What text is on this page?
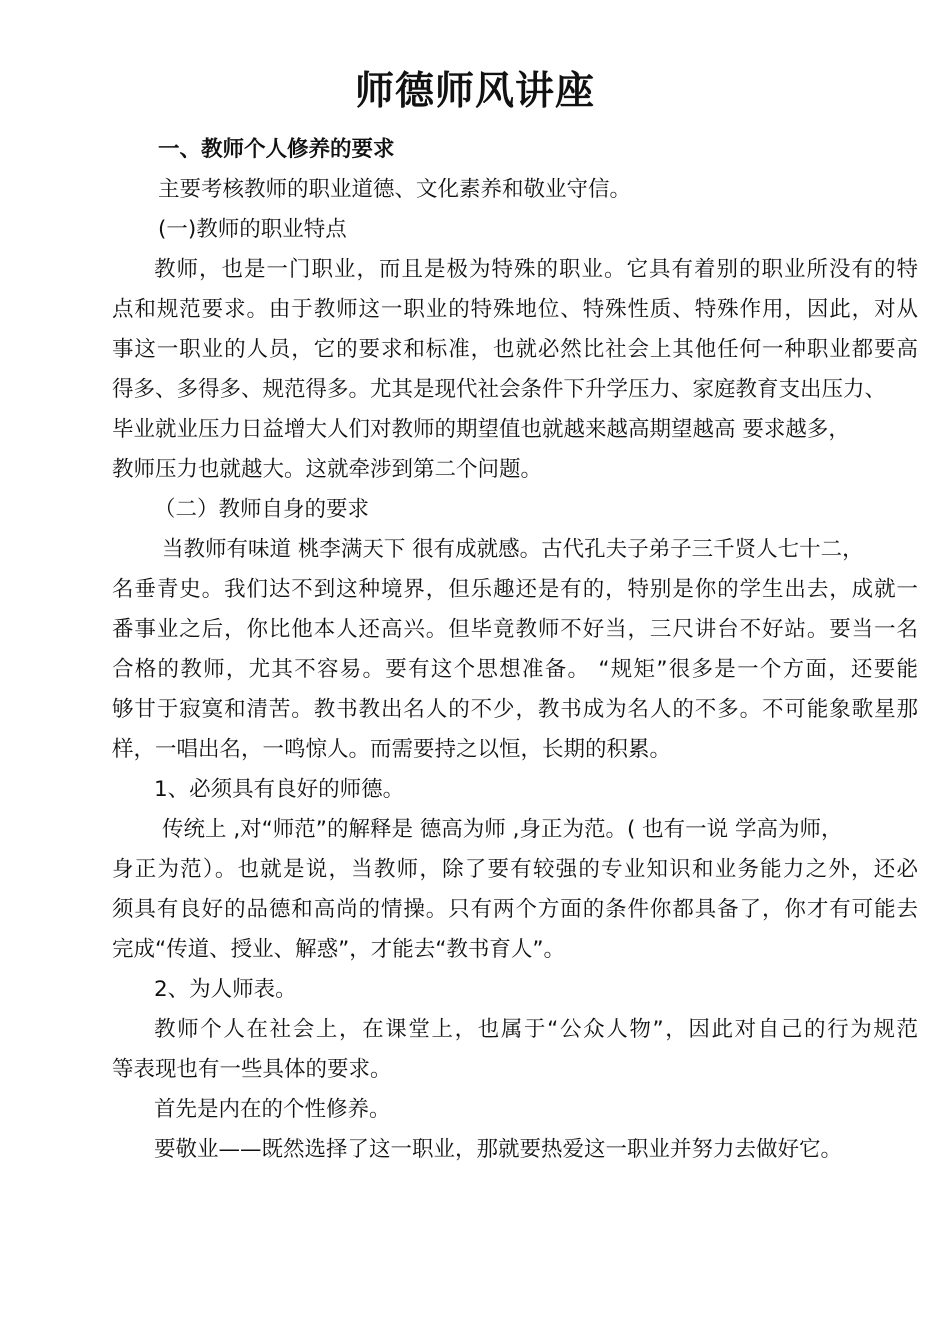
师德师风讲座
一、教师个人修养的要求
主要考核教师的职业道德、文化素养和敬业守信。
(一)教师的职业特点
教师，也是一门职业，而且是极为特殊的职业。它具有着别的职业所没有的特
点和规范要求。由于教师这一职业的特殊地位、特殊性质、特殊作用，因此，对从
事这一职业的人员，它的要求和标准，也就必然比社会上其他任何一种职业都要高
得多、多得多、规范得多。尤其是现代社会条件下升学压力、家庭教育支出压力、
毕业就业压力日益增大人们对教师的期望值也就越来越高期望越高 要求越多，
教师压力也就越大。这就牵涉到第二个问题。
（二）教师自身的要求
当教师有味道 桃李满天下 很有成就感。古代孔夫子弟子三千贤人七十二，
名垂青史。我们达不到这种境界，但乐趣还是有的，特别是你的学生出去，成就一
番事业之后，你比他本人还高兴。但毕竟教师不好当，三尺讲台不好站。要当一名
合格的教师，尤其不容易。要有这个思想准备。 “规矩”很多是一个方面，还要能
够甘于寂寞和清苦。教书教出名人的不少，教书成为名人的不多。不可能象歌星那
样，一唱出名，一鸣惊人。而需要持之以恒，长期的积累。
1、必须具有良好的师德。
传统上 ,对“师范”的解释是 德高为师 ,身正为范。( 也有一说 学高为师，
身正为范）。也就是说，当教师，除了要有较强的专业知识和业务能力之外，还必
须具有良好的品德和高尚的情操。只有两个方面的条件你都具备了，你才有可能去
完成“传道、授业、解惑”，才能去“教书育人”。
2、为人师表。
教师个人在社会上，在课堂上，也属于“公众人物”，因此对自己的行为规范
等表现也有一些具体的要求。
首先是内在的个性修养。
要敬业——既然选择了这一职业，那就要热爱这一职业并努力去做好它。
